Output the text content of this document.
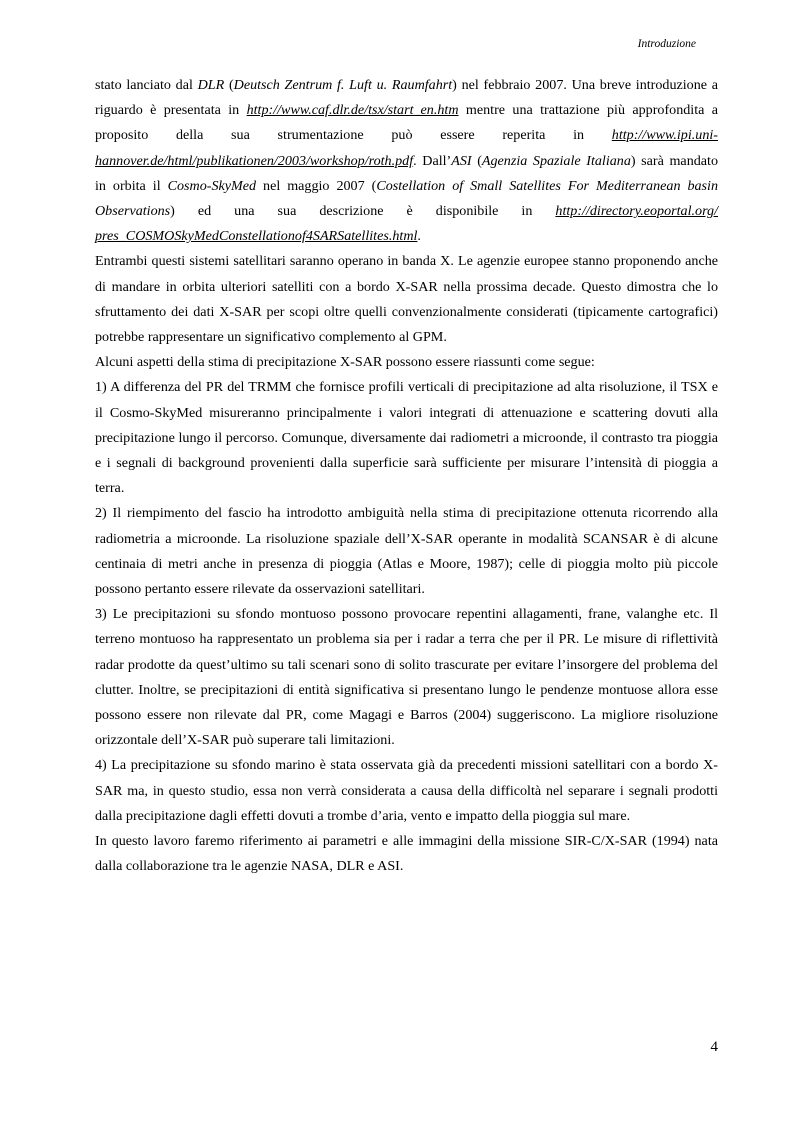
Introduzione

stato lanciato dal DLR (Deutsch Zentrum f. Luft u. Raumfahrt) nel febbraio 2007. Una breve introduzione a riguardo è presentata in http://www.caf.dlr.de/tsx/start_en.htm mentre una trattazione più approfondita a proposito della sua strumentazione può essere reperita in http://www.ipi.uni-hannover.de/html/publikationen/2003/workshop/roth.pdf. Dall’ASI (Agenzia Spaziale Italiana) sarà mandato in orbita il Cosmo-SkyMed nel maggio 2007 (Costellation of Small Satellites For Mediterranean basin Observations) ed una sua descrizione è disponibile in http://directory.eoportal.org/ pres_COSMOSkyMedConstellationof4SARSatellites.html.

Entrambi questi sistemi satellitari saranno operano in banda X. Le agenzie europee stanno proponendo anche di mandare in orbita ulteriori satelliti con a bordo X-SAR nella prossima decade. Questo dimostra che lo sfruttamento dei dati X-SAR per scopi oltre quelli convenzionalmente considerati (tipicamente cartografici) potrebbe rappresentare un significativo complemento al GPM.

Alcuni aspetti della stima di precipitazione X-SAR possono essere riassunti come segue:

1) A differenza del PR del TRMM che fornisce profili verticali di precipitazione ad alta risoluzione, il TSX e il Cosmo-SkyMed misureranno principalmente i valori integrati di attenuazione e scattering dovuti alla precipitazione lungo il percorso. Comunque, diversamente dai radiometri a microonde, il contrasto tra pioggia e i segnali di background provenienti dalla superficie sarà sufficiente per misurare l’intensità di pioggia a terra.

2) Il riempimento del fascio ha introdotto ambiguità nella stima di precipitazione ottenuta ricorrendo alla radiometria a microonde. La risoluzione spaziale dell’X-SAR operante in modalità SCANSAR è di alcune centinaia di metri anche in presenza di pioggia (Atlas e Moore, 1987); celle di pioggia molto più piccole possono pertanto essere rilevate da osservazioni satellitari.

3) Le precipitazioni su sfondo montuoso possono provocare repentini allagamenti, frane, valanghe etc. Il terreno montuoso ha rappresentato un problema sia per i radar a terra che per il PR. Le misure di riflettività radar prodotte da quest’ultimo su tali scenari sono di solito trascurate per evitare l’insorgere del problema del clutter. Inoltre, se precipitazioni di entità significativa si presentano lungo le pendenze montuose allora esse possono essere non rilevate dal PR, come Magagi e Barros (2004) suggeriscono. La migliore risoluzione orizzontale dell’X-SAR può superare tali limitazioni.

4) La precipitazione su sfondo marino è stata osservata già da precedenti missioni satellitari con a bordo X-SAR ma, in questo studio, essa non verrà considerata a causa della difficoltà nel separare i segnali prodotti dalla precipitazione dagli effetti dovuti a trombe d’aria, vento e impatto della pioggia sul mare.

In questo lavoro faremo riferimento ai parametri e alle immagini della missione SIR-C/X-SAR (1994) nata dalla collaborazione tra le agenzie NASA, DLR e ASI.

4
